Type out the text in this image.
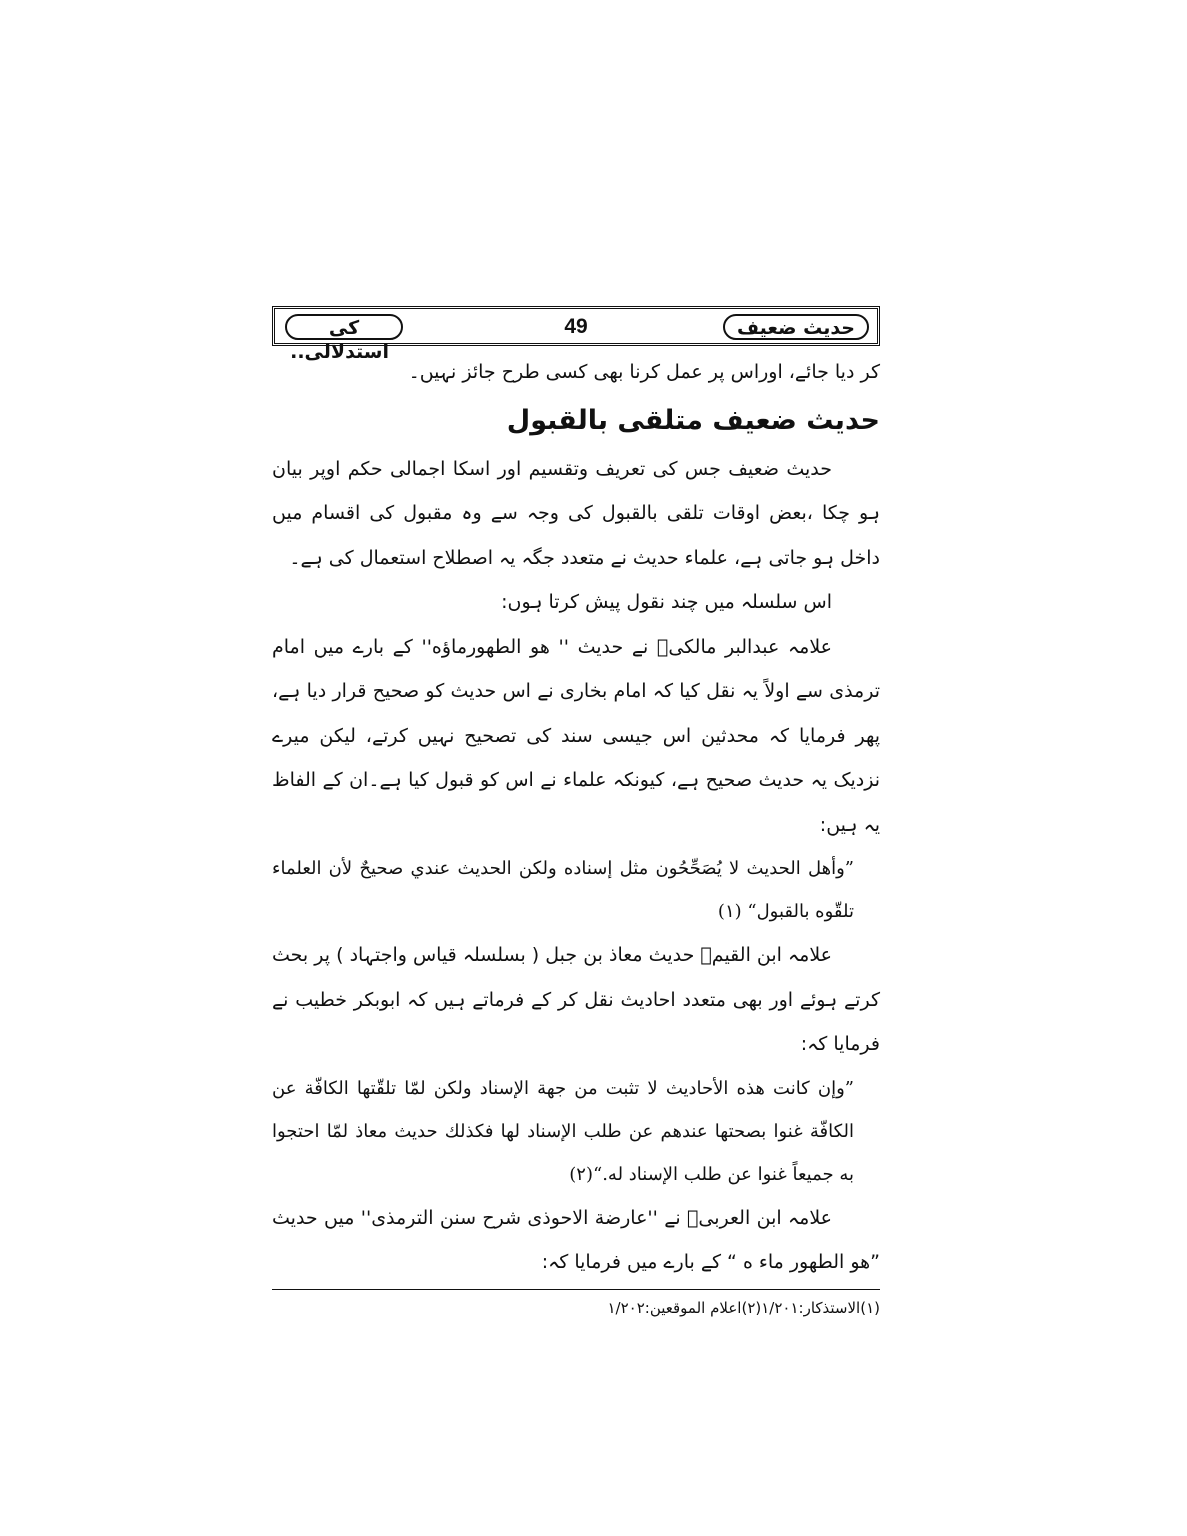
حدیث ضعیف
49
کی استدلالی..

کر دیا جائے، اوراس پر عمل کرنا بھی کسی طرح جائز نہیں۔

حدیث ضعیف متلقی بالقبول

حدیث ضعیف جس کی تعریف وتقسیم اور اسکا اجمالی حکم اوپر بیان ہو چکا ،بعض اوقات تلقی بالقبول کی وجہ سے وہ مقبول کی اقسام میں داخل ہو جاتی ہے، علماء حدیث نے متعدد جگہ یہ اصطلاح استعمال کی ہے۔

اس سلسلہ میں چند نقول پیش کرتا ہوں:

علامہ عبدالبر مالکیؒ نے حدیث '' هو الطهورماؤه'' کے بارے میں امام ترمذی سے اولاً یہ نقل کیا کہ امام بخاری نے اس حدیث کو صحیح قرار دیا ہے، پھر فرمایا کہ محدثین اس جیسی سند کی تصحیح نہیں کرتے، لیکن میرے نزدیک یہ حدیث صحیح ہے، کیونکہ علماء نے اس کو قبول کیا ہے۔ان کے الفاظ یہ ہیں:

”وأهل الحديث لا يُصَحِّحُون مثل إسناده ولكن الحديث عندي صحيحٌ لأن العلماء تلقّوه بالقبول“ (١)

علامہ ابن القیمؒ حدیث معاذ بن جبل ( بسلسلہ قیاس واجتہاد ) پر بحث کرتے ہوئے اور بھی متعدد احادیث نقل کر کے فرماتے ہیں کہ ابوبکر خطیب نے فرمایا کہ:

”وإن كانت هذه الأحاديث لا تثبت من جهة الإسناد ولكن لمّا تلقّتها الكافّة عن الكافّة غنوا بصحتها عندهم عن طلب الإسناد لها فكذلك حديث معاذ لمّا احتجوا به جميعاً غنوا عن طلب الإسناد له.“(٢)

علامہ ابن العربیؒ نے ''عارضة الاحوذی شرح سنن الترمذی'' میں حدیث ”هو الطهور ماء ه “ کے بارے میں فرمایا کہ:

(۱)الاستذکار:۱/۲۰۱(۲)اعلام الموقعین:۱/۲۰۲
